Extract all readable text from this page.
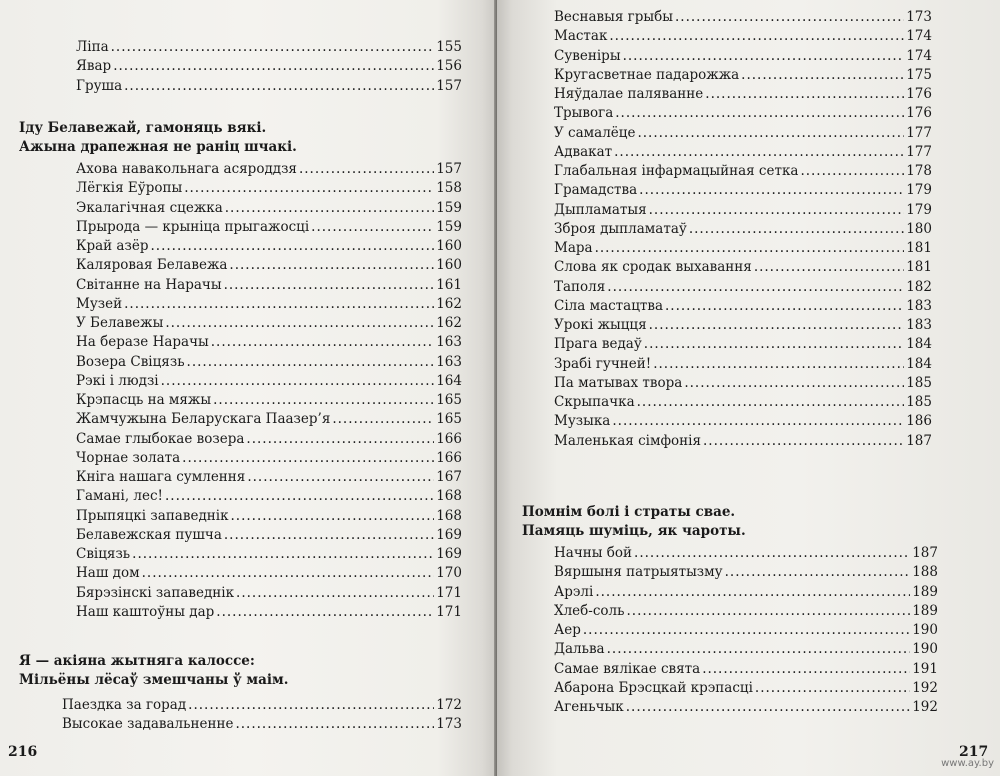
Ліпа .....	155
Явар .....	156
Груша .....	157
Іду Белавежай, гамоняць вякі.
Ажына драпежная не раніц шчакі.
Ахова навакольнага асяроддзя .....	157
Лёгкія Еўропы .....	158
Экалагічная сцежка .....	159
Прырода — крыніца прыгажосці .....	159
Край азёр .....	160
Каляровая Белавежа .....	160
Світанне на Нарачы .....	161
Музей .....	162
У Белавежы .....	162
На беразе Нарачы .....	163
Возера Свіцязь .....	163
Рэкі і людзі .....	164
Крэпасць на мяжы .....	165
Жамчужына Беларускага Паазер’я .....	165
Самае глыбокае возера .....	166
Чорнае золата .....	166
Кніга нашага сумлення .....	167
Гамані, лес! .....	168
Прыпяцкі запаведнік .....	168
Белавежская пушча .....	169
Свіцязь .....	169
Наш дом .....	170
Бярэзінскі запаведнік .....	171
Наш каштоўны дар .....	171
Я — акіяна жытняга калоссе:
Мільёны лёсаў змешчаны ў маім.
Паездка за горад .....	172
Высокае задавальненне .....	173
216
Веснавыя грыбы .....	173
Мастак .....	174
Сувеніры .....	174
Кругасветнае падарожжа .....	175
Няўдалае паляванне .....	176
Трывога .....	176
У самалёце .....	177
Адвакат .....	177
Глабальная інфармацыйная сетка .....	178
Грамадства .....	179
Дыпламатыя .....	179
Зброя дыпламатаў .....	180
Мара .....	181
Слова як сродак выхавання .....	181
Таполя .....	182
Сіла мастацтва .....	183
Урокі жыцця .....	183
Прага ведаў .....	184
Зрабі гучней! .....	184
Па матывах твора .....	185
Скрыпачка .....	185
Музыка .....	186
Маленькая сімфонія .....	187
Помнім болі і страты свае.
Памяць шуміць, як чароты.
Начны бой .....	187
Вяршыня патрыятызму .....	188
Арэлі .....	189
Хлеб-соль .....	189
Аер .....	190
Дальва .....	190
Самае вялікае свята .....	191
Абарона Брэсцкай крэпасці .....	192
Агеньчык .....	192
217
www.ay.by
